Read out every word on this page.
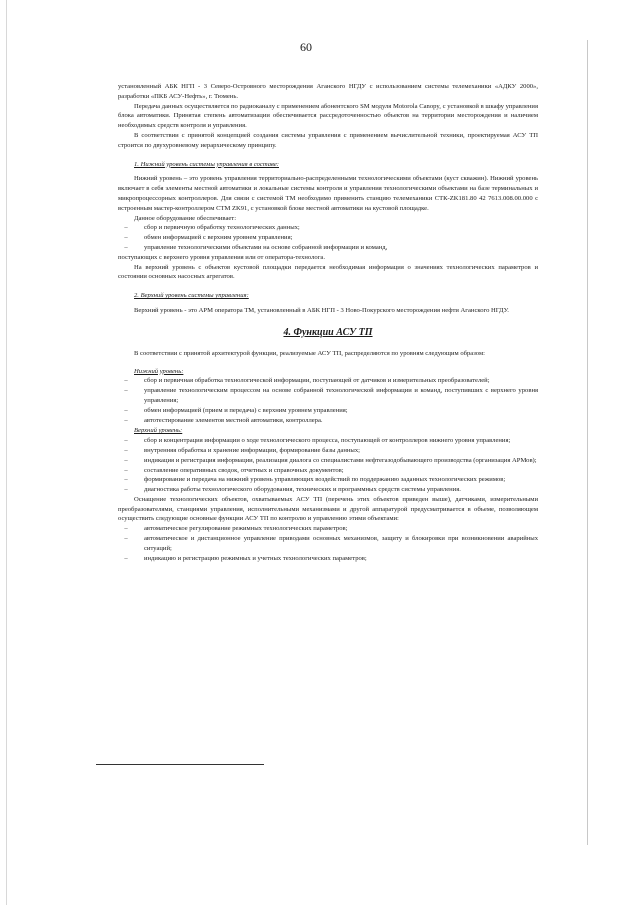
60

установленный АБК НГП - 3 Северо-Островного месторождения Аганского НГДУ с использованием системы телемеханики «АДКУ 2000», разработки «ПКБ АСУ-Нефть», г. Тюмень.

Передача данных осуществляется по радиоканалу с применением абонентского SM модуля Motorola Canopy, с установкой в шкафу управления блока автоматики. Принятая степень автоматизации обеспечивается рассредоточенностью объектов на территории месторождения и наличием необходимых средств контроля и управления.

В соответствии с принятой концепцией создания системы управления с применением вычислительной техники, проектируемая АСУ ТП строится по двухуровневому иерархическому принципу.

1. Нижний уровень системы управления в составе:

Нижний уровень – это уровень управления территориально-распределенными технологическими объектами (куст скважин). Нижний уровень включает в себя элементы местной автоматики и локальные системы контроля и управления технологическими объектами на базе терминальных и микропроцессорных контроллеров. Для связи с системой ТМ необходимо применить станцию телемеханики СТК-ZK181.80 42 7613.008.00.000 с встроенным мастер-контроллером СТМ ZK91, с установкой блоке местной автоматики на кустовой площадке.

Данное оборудование обеспечивает:

–	сбор и первичную обработку технологических данных;
–	обмен информацией с верхним уровнем управления;
–	управление технологическими объектами на основе собранной информации и команд,

поступающих с верхнего уровня управления или от оператора-технолога.

На верхний уровень с объектов кустовой площадки передается необходимая информация о значениях технологических параметров и состоянии основных насосных агрегатов.

2. Верхний уровень системы управления:

Верхний уровень - это АРМ оператора ТМ, установленный в АБК НГП - 3 Ново-Покурского месторождения нефти Аганского НГДУ.

4. Функции АСУ ТП

В соответствии с принятой архитектурой функции, реализуемые АСУ ТП, распределяются по уровням следующим образом:

Нижний уровень:

–	сбор и первичная обработка технологической информации, поступающей от датчиков и измерительных преобразователей;
–	управление технологическим процессом на основе собранной технологической информации и команд, поступивших с верхнего уровня управления;
–	обмен информацией (прием и передача) с верхним уровнем управления;
–	автотестирование элементов местной автоматики, контроллера.

Верхний уровень:

–	сбор и концентрация информации о ходе технологического процесса, поступающей от контроллеров нижнего уровня управления;
–	внутренняя обработка и хранение информации, формирование базы данных;
–	индикация и регистрация информации, реализация диалога со специалистами нефтегазодобывающего производства (организация АРМов);
–	составление оперативных сводок, отчетных и справочных документов;
–	формирование и передача на нижний уровень управляющих воздействий по поддержанию заданных технологических режимов;
–	диагностика работы технологического оборудования, технических и программных средств системы управления.

Оснащение технологических объектов, охватываемых АСУ ТП (перечень этих объектов приведен выше), датчиками, измерительными преобразователями, станциями управления, исполнительными механизмами и другой аппаратурой предусматривается в объеме, позволяющем осуществить следующие основные функции АСУ ТП по контролю и управлению этими объектами:

–	автоматическое регулирование режимных технологических параметров;
–	автоматическое и дистанционное управление приводами основных механизмов, защиту и блокировки при возникновении аварийных ситуаций;
–	индикацию и регистрацию режимных и учетных технологических параметров;
